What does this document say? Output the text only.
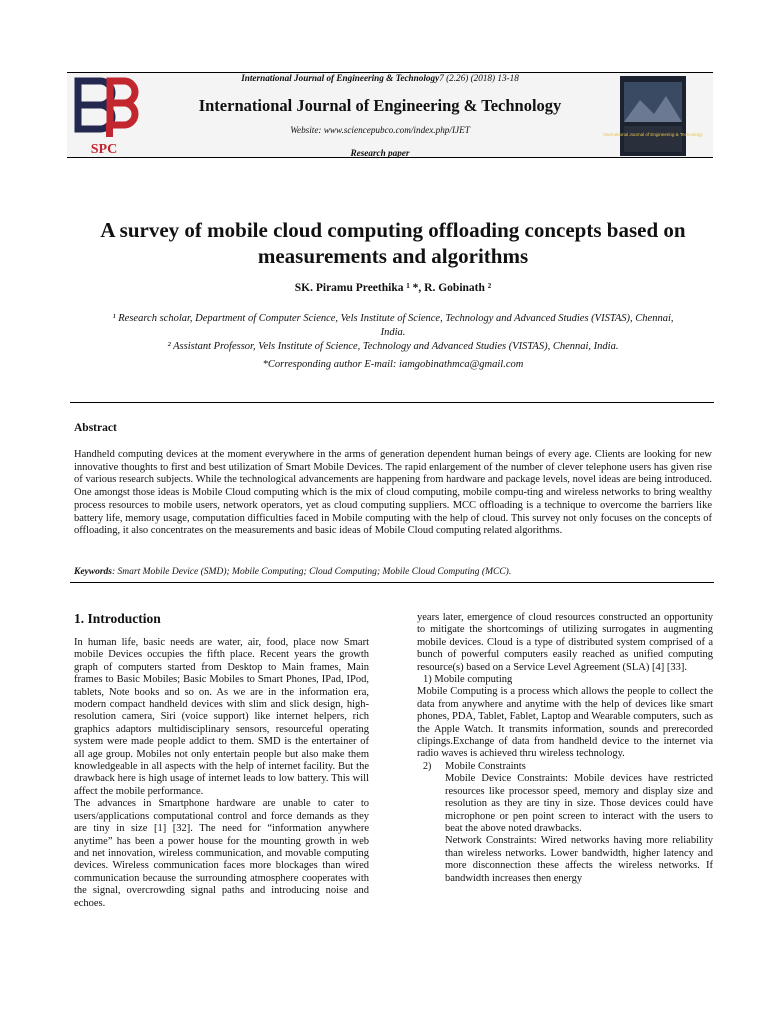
SPC
International Journal of Engineering & Technology7 (2.26) (2018) 13-18
International Journal of Engineering & Technology
Website: www.sciencepubco.com/index.php/IJET
Research paper
International Journal of Engineering & Technology
A survey of mobile cloud computing offloading concepts based on measurements and algorithms
SK. Piramu Preethika ¹ *, R. Gobinath ²
¹ Research scholar, Department of Computer Science, Vels Institute of Science, Technology and Advanced Studies (VISTAS), Chennai, India.
² Assistant Professor, Vels Institute of Science, Technology and Advanced Studies (VISTAS), Chennai, India.
*Corresponding author E-mail: iamgobinathmca@gmail.com
Abstract
Handheld computing devices at the moment everywhere in the arms of generation dependent human beings of every age. Clients are looking for new innovative thoughts to first and best utilization of Smart Mobile Devices. The rapid enlargement of the number of clever telephone users has given rise of various research subjects. While the technological advancements are happening from hardware and package levels, novel ideas are being introduced. One amongst those ideas is Mobile Cloud computing which is the mix of cloud computing, mobile compu-ting and wireless networks to bring wealthy process resources to mobile users, network operators, yet as cloud computing suppliers. MCC offloading is a technique to overcome the barriers like battery life, memory usage, computation difficulties faced in Mobile computing with the help of cloud. This survey not only focuses on the concepts of offloading, it also concentrates on the measurements and basic ideas of Mobile Cloud computing related algorithms.
Keywords: Smart Mobile Device (SMD); Mobile Computing; Cloud Computing; Mobile Cloud Computing (MCC).
1. Introduction

In human life, basic needs are water, air, food, place now Smart mobile Devices occupies the fifth place. Recent years the growth graph of computers started from Desktop to Main frames, Main frames to Basic Mobiles; Basic Mobiles to Smart Phones, IPad, IPod, tablets, Note books and so on. As we are in the information era, modern compact handheld devices with slim and slick design, high-resolution camera, Siri (voice support) like internet helpers, rich graphics adaptors multidisciplinary sensors, resourceful operating system were made people addict to them. SMD is the entertainer of all age group. Mobiles not only entertain people but also make them knowledgeable in all aspects with the help of internet facility. But the drawback here is high usage of internet leads to low battery. This will affect the mobile performance.

The advances in Smartphone hardware are unable to cater to users/applications computational control and force demands as they are tiny in size [1] [32]. The need for “information anywhere anytime” has been a power house for the mounting growth in web and net innovation, wireless communication, and movable computing devices. Wireless communication faces more blockages than wired communication because the surrounding atmosphere cooperates with the signal, overcrowding signal paths and introducing noise and echoes.

years later, emergence of cloud resources constructed an opportunity to mitigate the shortcomings of utilizing surrogates in augmenting mobile devices. Cloud is a type of distributed system comprised of a bunch of powerful computers easily reached as unified computing resource(s) based on a Service Level Agreement (SLA) [4] [33].

1) Mobile computing

Mobile Computing is a process which allows the people to collect the data from anywhere and anytime with the help of devices like smart phones, PDA, Tablet, Fablet, Laptop and Wearable computers, such as the Apple Watch. It transmits information, sounds and prerecorded clipings.Exchange of data from handheld device to the internet via radio waves is achieved thru wireless technology.

2)	Mobile Constraints
Mobile Device Constraints: Mobile devices have restricted resources like processor speed, memory and display size and resolution as they are tiny in size. Those devices could have microphone or pen point screen to interact with the users to beat the above noted drawbacks.
Network Constraints: Wired networks having more reliability than wireless networks. Lower bandwidth, higher latency and more disconnection these affects the wireless networks. If bandwidth increases then energy
